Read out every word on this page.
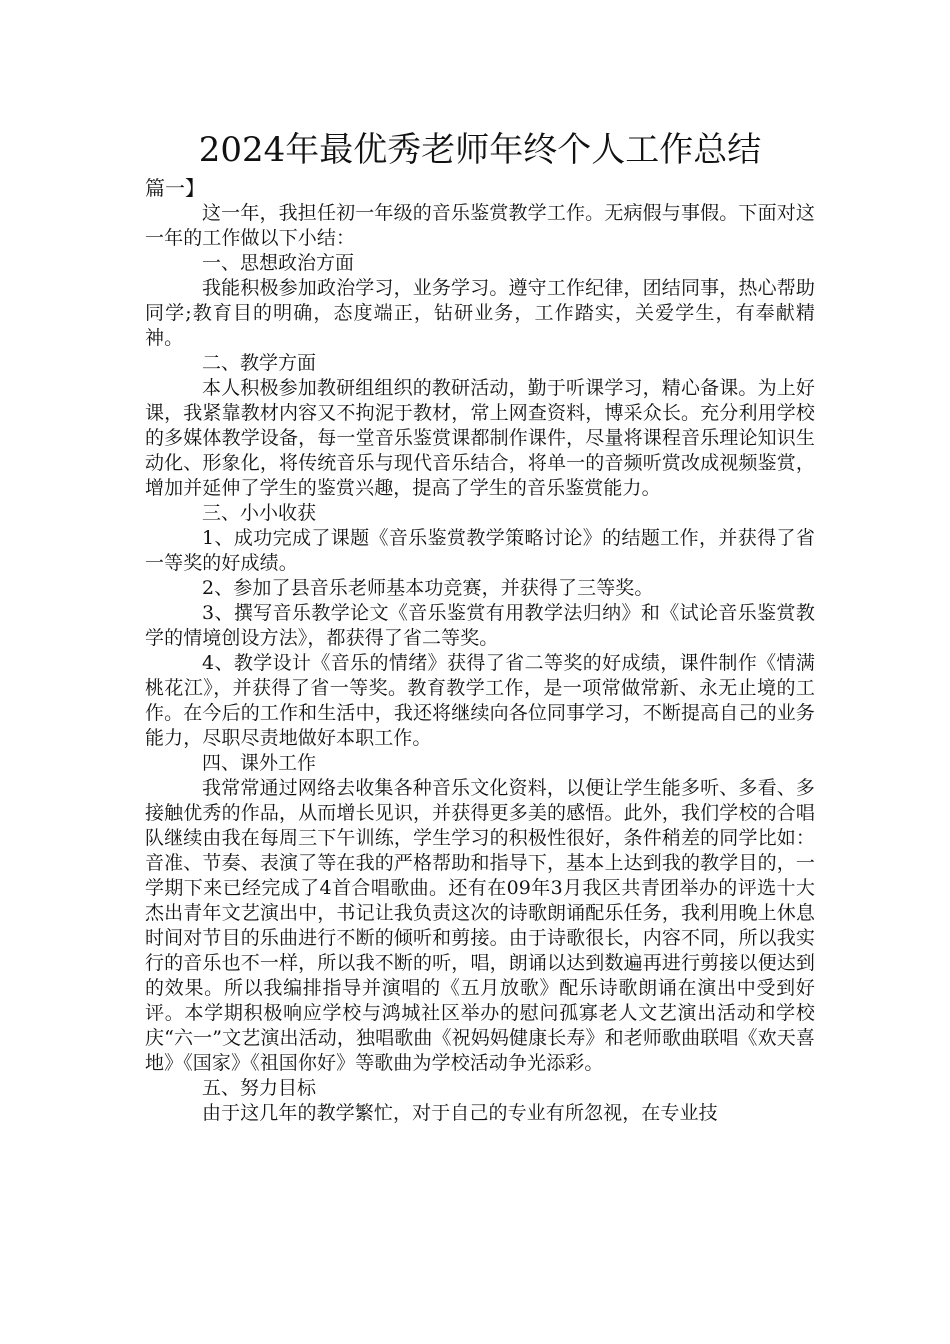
2024年最优秀老师年终个人工作总结

篇一】

这一年，我担任初一年级的音乐鉴赏教学工作。无病假与事假。下面对这一年的工作做以下小结：

一、思想政治方面

我能积极参加政治学习，业务学习。遵守工作纪律，团结同事，热心帮助同学;教育目的明确，态度端正，钻研业务，工作踏实，关爱学生，有奉献精神。

二、教学方面

本人积极参加教研组组织的教研活动，勤于听课学习，精心备课。为上好课，我紧靠教材内容又不拘泥于教材，常上网查资料，博采众长。充分利用学校的多媒体教学设备，每一堂音乐鉴赏课都制作课件，尽量将课程音乐理论知识生动化、形象化，将传统音乐与现代音乐结合，将单一的音频听赏改成视频鉴赏，增加并延伸了学生的鉴赏兴趣，提高了学生的音乐鉴赏能力。

三、小小收获

1、成功完成了课题《音乐鉴赏教学策略讨论》的结题工作，并获得了省一等奖的好成绩。

2、参加了县音乐老师基本功竞赛，并获得了三等奖。

3、撰写音乐教学论文《音乐鉴赏有用教学法归纳》和《试论音乐鉴赏教学的情境创设方法》，都获得了省二等奖。

4、教学设计《音乐的情绪》获得了省二等奖的好成绩，课件制作《情满桃花江》，并获得了省一等奖。教育教学工作，是一项常做常新、永无止境的工作。在今后的工作和生活中，我还将继续向各位同事学习，不断提高自己的业务能力，尽职尽责地做好本职工作。

四、课外工作

我常常通过网络去收集各种音乐文化资料，以便让学生能多听、多看、多接触优秀的作品，从而增长见识，并获得更多美的感悟。此外，我们学校的合唱队继续由我在每周三下午训练，学生学习的积极性很好，条件稍差的同学比如：音准、节奏、表演了等在我的严格帮助和指导下，基本上达到我的教学目的，一学期下来已经完成了4首合唱歌曲。还有在09年3月我区共青团举办的评选十大杰出青年文艺演出中，书记让我负责这次的诗歌朗诵配乐任务，我利用晚上休息时间对节目的乐曲进行不断的倾听和剪接。由于诗歌很长，内容不同，所以我实行的音乐也不一样，所以我不断的听，唱，朗诵以达到数遍再进行剪接以便达到的效果。所以我编排指导并演唱的《五月放歌》配乐诗歌朗诵在演出中受到好评。本学期积极响应学校与鸿城社区举办的慰问孤寡老人文艺演出活动和学校庆“六一”文艺演出活动，独唱歌曲《祝妈妈健康长寿》和老师歌曲联唱《欢天喜地》《国家》《祖国你好》等歌曲为学校活动争光添彩。

五、努力目标

由于这几年的教学繁忙，对于自己的专业有所忽视，在专业技
